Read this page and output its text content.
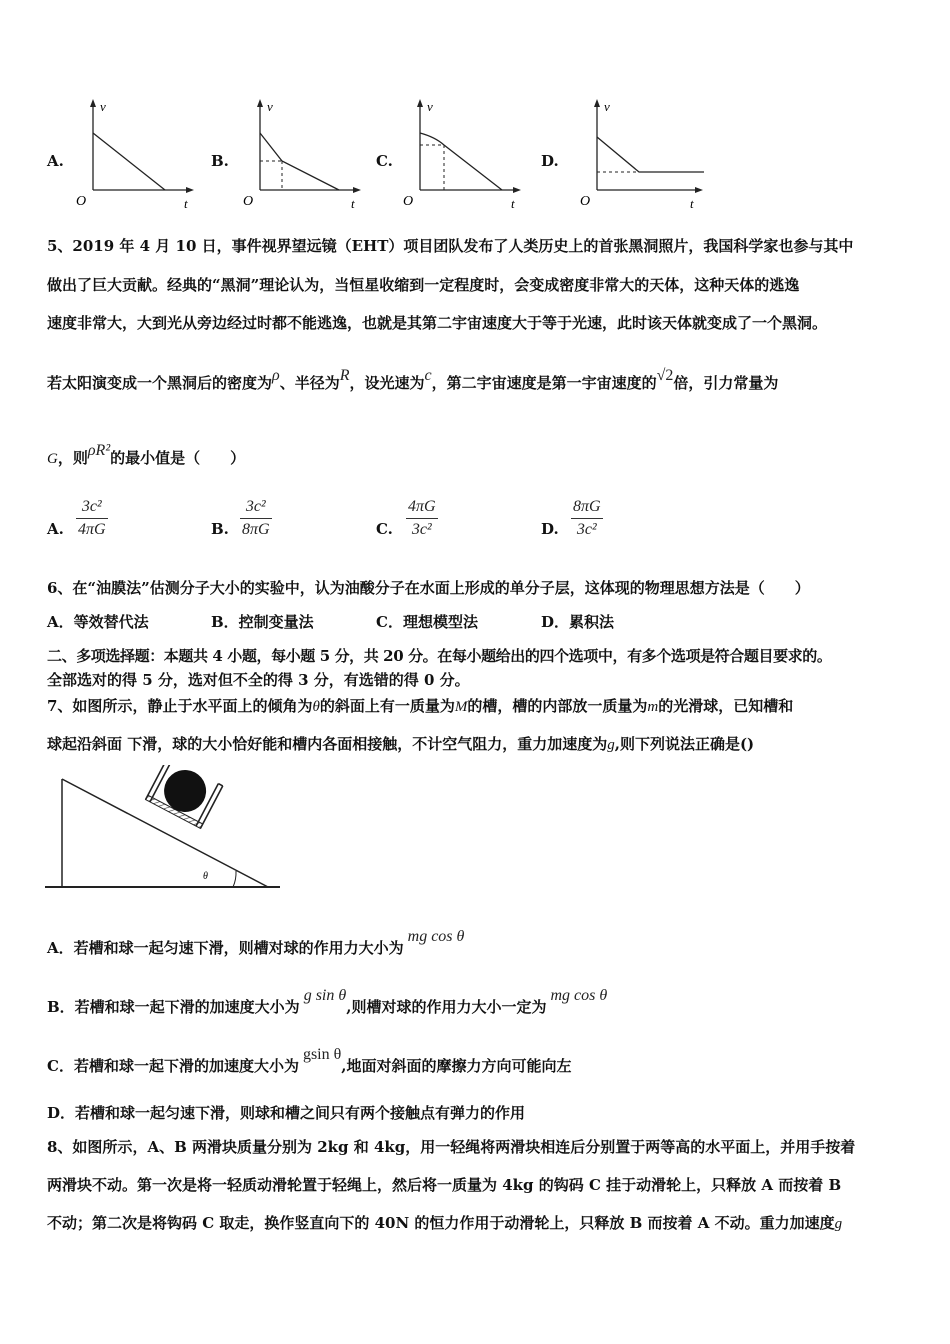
A.	B.	C.	D.
v
O	t
v
O	t
v
O	t
v
O	t
5、2019 年 4 月 10 日，事件视界望远镜（EHT）项目团队发布了人类历史上的首张黑洞照片，我国科学家也参与其中
做出了巨大贡献。经典的“黑洞”理论认为，当恒星收缩到一定程度时，会变成密度非常大的天体，这种天体的逃逸
速度非常大，大到光从旁边经过时都不能逃逸，也就是其第二宇宙速度大于等于光速，此时该天体就变成了一个黑洞。
若太阳演变成一个黑洞后的密度为ρ、半径为R，设光速为c，第二宇宙速度是第一宇宙速度的√2倍，引力常量为
G，则ρR²的最小值是（　　）
A. $\frac{\text{3c²}}{4\pi G}$	B. $\frac{\text{3c²}}{8\pi G}$	C. $\frac{4\pi G}{\text{3c²}}$	D. $\frac{8\pi G}{\text{3c²}}$
6、在“油膜法”估测分子大小的实验中，认为油酸分子在水面上形成的单分子层，这体现的物理思想方法是（　　）
A．等效替代法	B．控制变量法	C．理想模型法	D．累积法
二、多项选择题：本题共 4 小题，每小题 5 分，共 20 分。在每小题给出的四个选项中，有多个选项是符合题目要求的。
全部选对的得 5 分，选对但不全的得 3 分，有选错的得 0 分。
7、如图所示，静止于水平面上的倾角为θ的斜面上有一质量为M的槽，槽的内部放一质量为m的光滑球，已知槽和
球起沿斜面 下滑，球的大小恰好能和槽内各面相接触，不计空气阻力，重力加速度为g,则下列说法正确是()
θ
A．若槽和球一起匀速下滑，则槽对球的作用力大小为mg cos θ
B．若槽和球一起下滑的加速度大小为g sin θ,则槽对球的作用力大小一定为mg cos θ
C．若槽和球一起下滑的加速度大小为gsin θ,地面对斜面的摩擦力方向可能向左
D．若槽和球一起匀速下滑，则球和槽之间只有两个接触点有弹力的作用
8、如图所示，A、B 两滑块质量分别为 2kg 和 4kg，用一轻绳将两滑块相连后分别置于两等高的水平面上，并用手按着
两滑块不动。第一次是将一轻质动滑轮置于轻绳上，然后将一质量为 4kg 的钩码 C 挂于动滑轮上，只释放 A 而按着 B
不动；第二次是将钩码 C 取走，换作竖直向下的 40N 的恒力作用于动滑轮上，只释放 B 而按着 A 不动。重力加速度g
